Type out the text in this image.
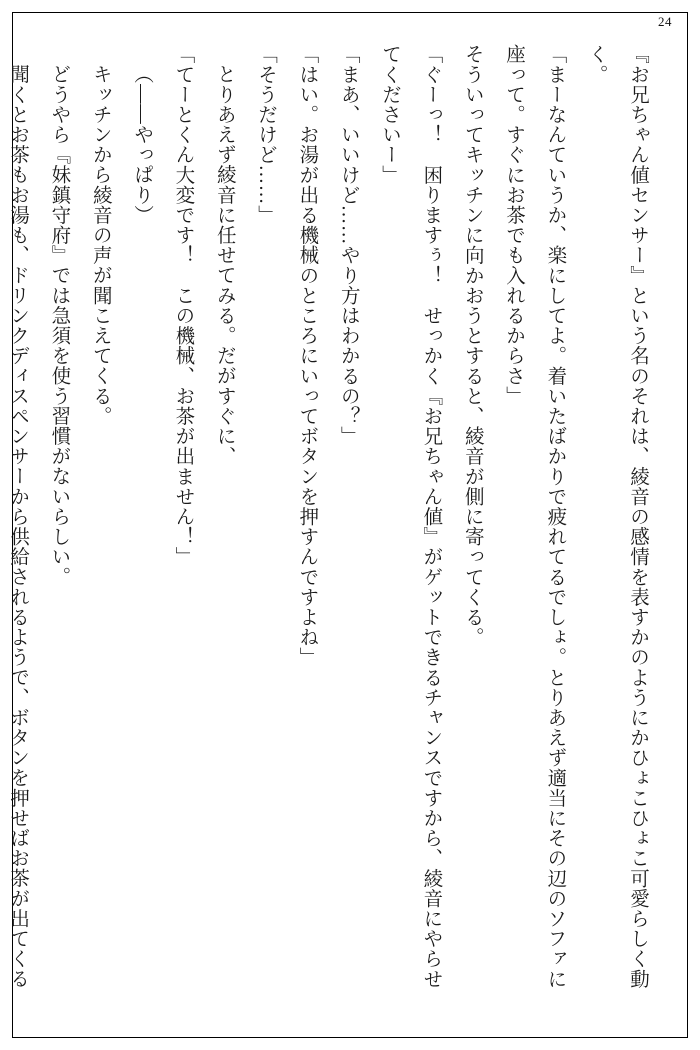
24

『お兄ちゃん値センサー』という名のそれは、綾音の感情を表すかのようにかひょこひょこ可愛らしく動く。

「まーなんていうか、楽にしてよ。着いたばかりで疲れてるでしょ。とりあえず適当にその辺のソファに座って。すぐにお茶でも入れるからさ」

そういってキッチンに向かおうとすると、綾音が側に寄ってくる。

「ぐーっ！　困りますぅ！　せっかく『お兄ちゃん値』がゲットできるチャンスですから、綾音にやらせてくださいー」

「まあ、いいけど……やり方はわかるの？」

「はい。お湯が出る機械のところにいってボタンを押すんですよね」

「そうだけど……」

とりあえず綾音に任せてみる。だがすぐに、

「てーとくん大変です！　この機械、お茶が出ません！」

（――やっぱり）

キッチンから綾音の声が聞こえてくる。

どうやら『妹鎮守府』では急須を使う習慣がないらしい。

聞くとお茶もお湯も、ドリンクディスペンサーから供給されるようで、ボタンを押せばお茶が出てくる
